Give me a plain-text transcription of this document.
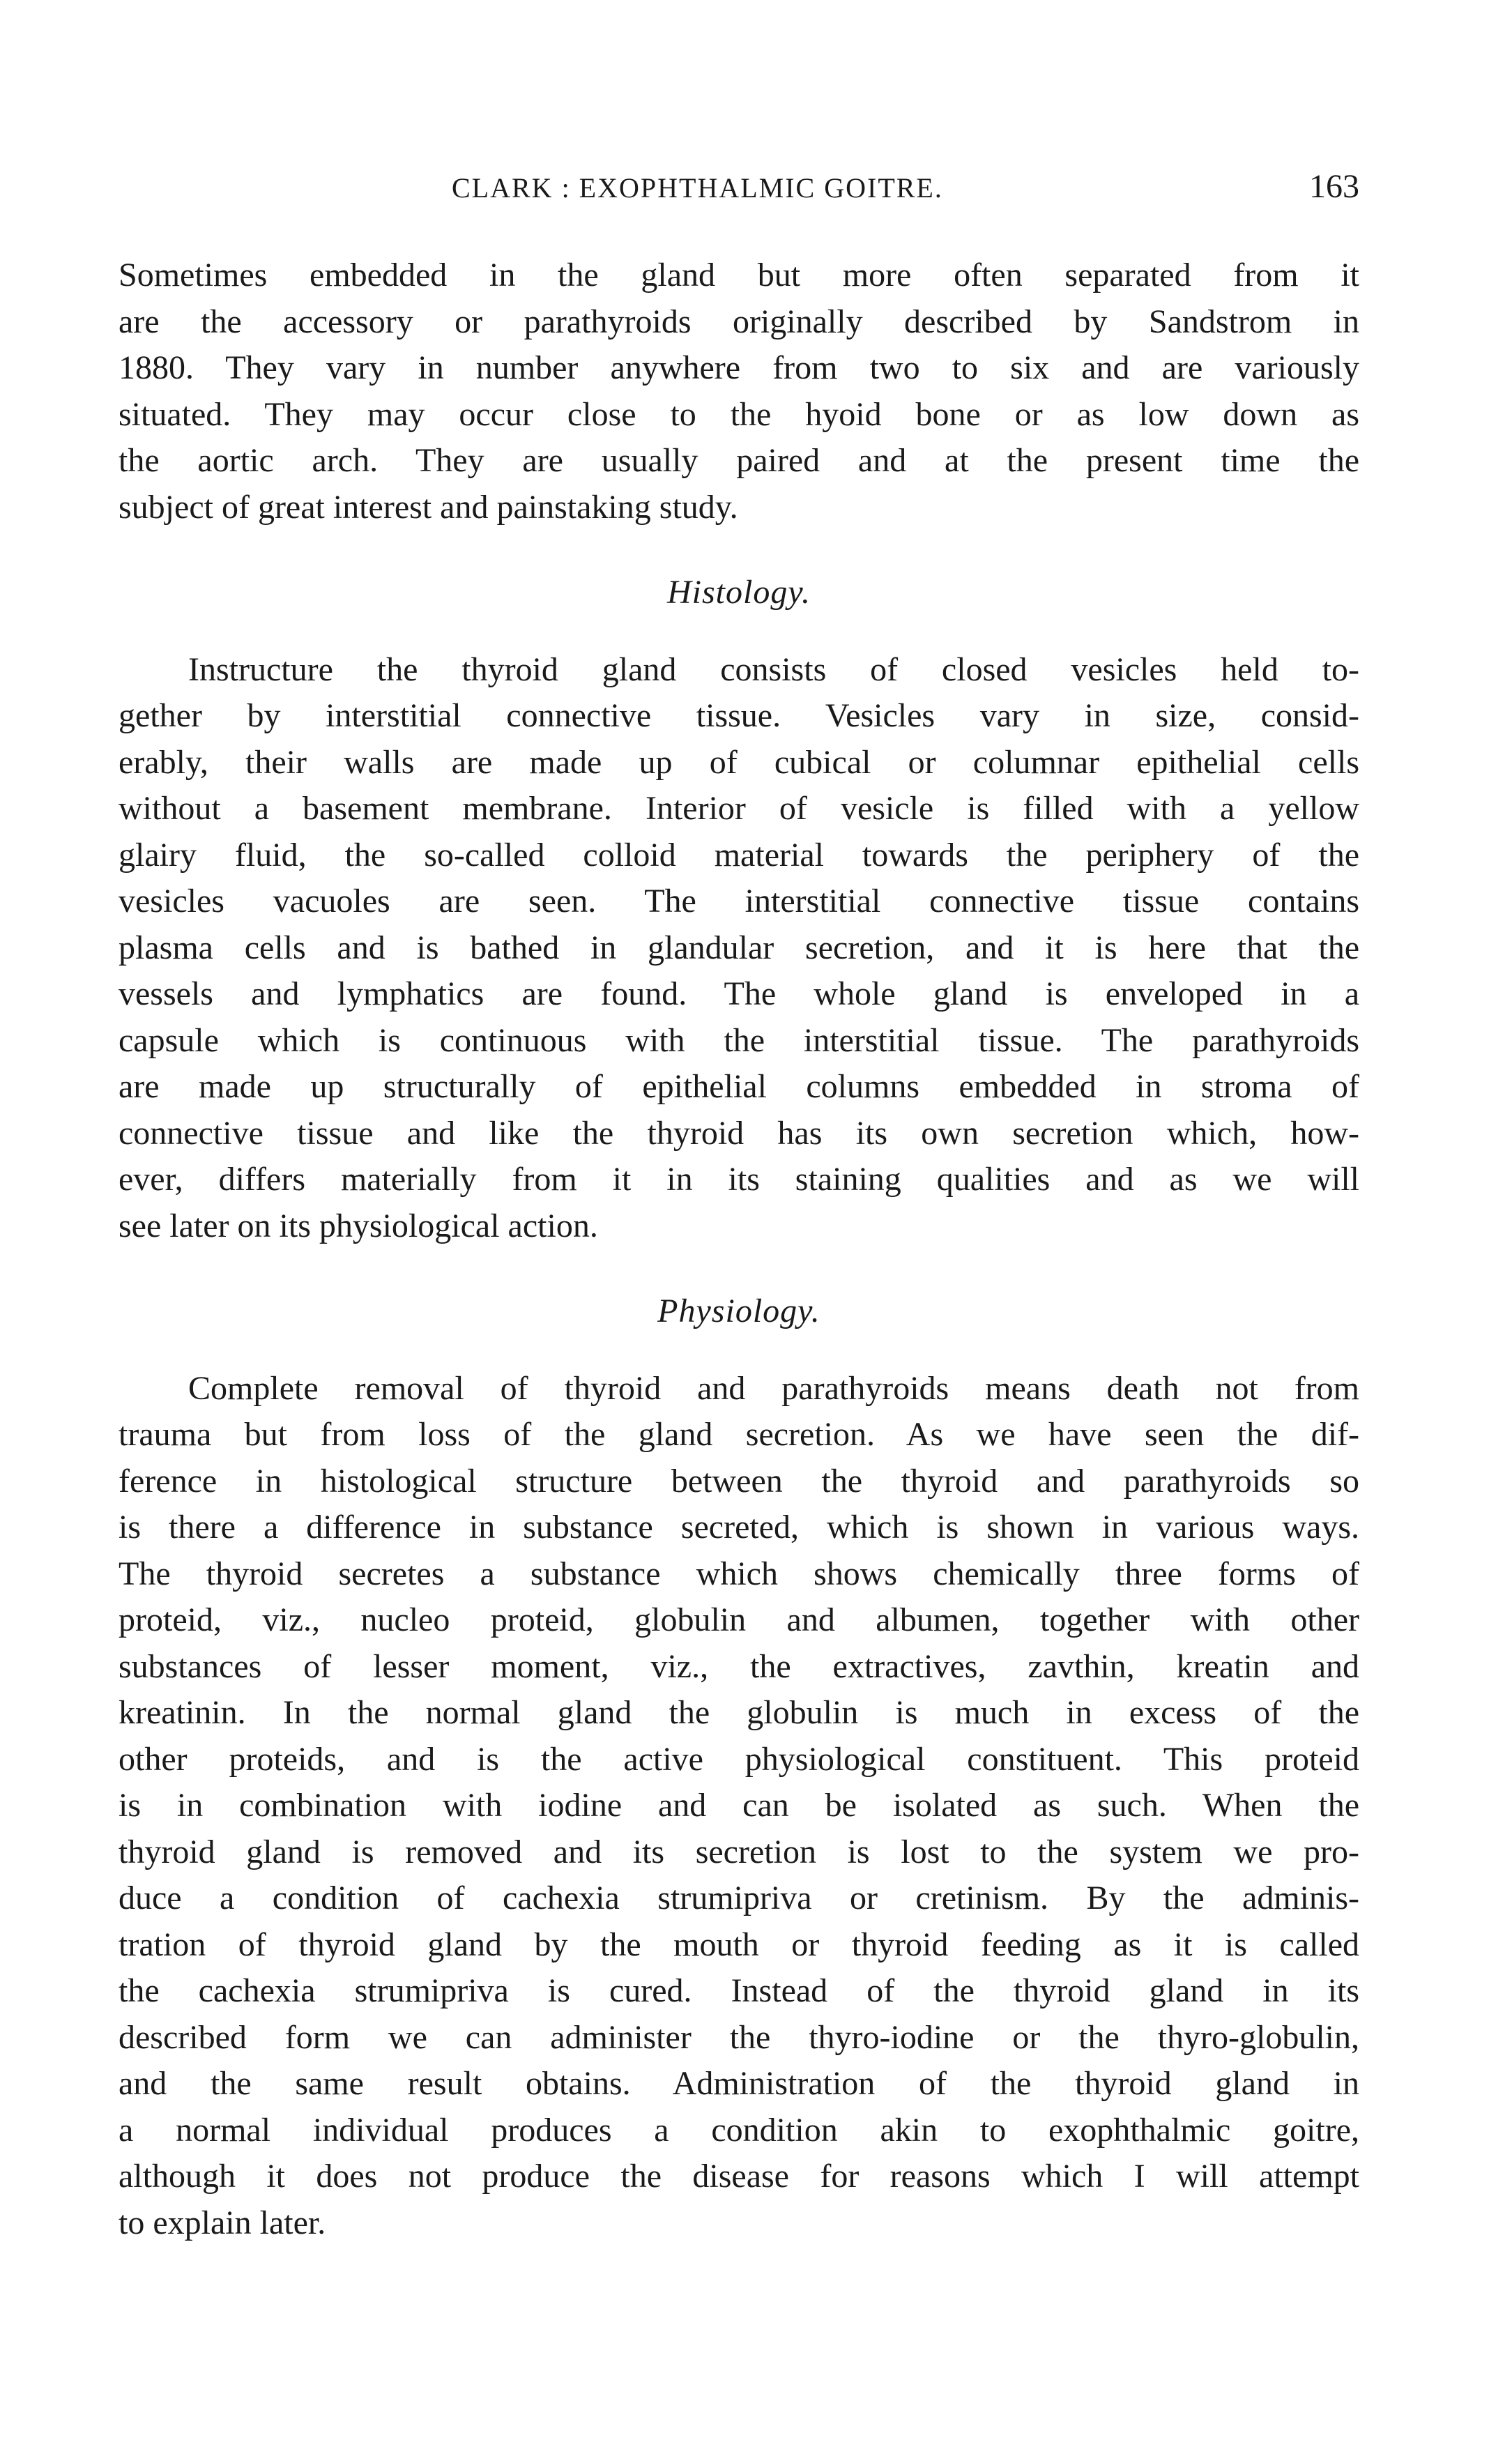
CLARK : EXOPHTHALMIC GOITRE.	163
Sometimes embedded in the gland but more often separated from it
are the accessory or parathyroids originally described by Sandstrom in
1880. They vary in number anywhere from two to six and are variously
situated. They may occur close to the hyoid bone or as low down as
the aortic arch. They are usually paired and at the present time the
subject of great interest and painstaking study.
Histology.
Instructure the thyroid gland consists of closed vesicles held to-
gether by interstitial connective tissue. Vesicles vary in size, consid-
erably, their walls are made up of cubical or columnar epithelial cells
without a basement membrane. Interior of vesicle is filled with a yellow
glairy fluid, the so-called colloid material towards the periphery of the
vesicles vacuoles are seen. The interstitial connective tissue contains
plasma cells and is bathed in glandular secretion, and it is here that the
vessels and lymphatics are found. The whole gland is enveloped in a
capsule which is continuous with the interstitial tissue. The parathyroids
are made up structurally of epithelial columns embedded in stroma of
connective tissue and like the thyroid has its own secretion which, how-
ever, differs materially from it in its staining qualities and as we will
see later on its physiological action.
Physiology.
Complete removal of thyroid and parathyroids means death not from
trauma but from loss of the gland secretion. As we have seen the dif-
ference in histological structure between the thyroid and parathyroids so
is there a difference in substance secreted, which is shown in various ways.
The thyroid secretes a substance which shows chemically three forms of
proteid, viz., nucleo proteid, globulin and albumen, together with other
substances of lesser moment, viz., the extractives, zavthin, kreatin and
kreatinin. In the normal gland the globulin is much in excess of the
other proteids, and is the active physiological constituent. This proteid
is in combination with iodine and can be isolated as such. When the
thyroid gland is removed and its secretion is lost to the system we pro-
duce a condition of cachexia strumipriva or cretinism. By the adminis-
tration of thyroid gland by the mouth or thyroid feeding as it is called
the cachexia strumipriva is cured. Instead of the thyroid gland in its
described form we can administer the thyro-iodine or the thyro-globulin,
and the same result obtains. Administration of the thyroid gland in
a normal individual produces a condition akin to exophthalmic goitre,
although it does not produce the disease for reasons which I will attempt
to explain later.
